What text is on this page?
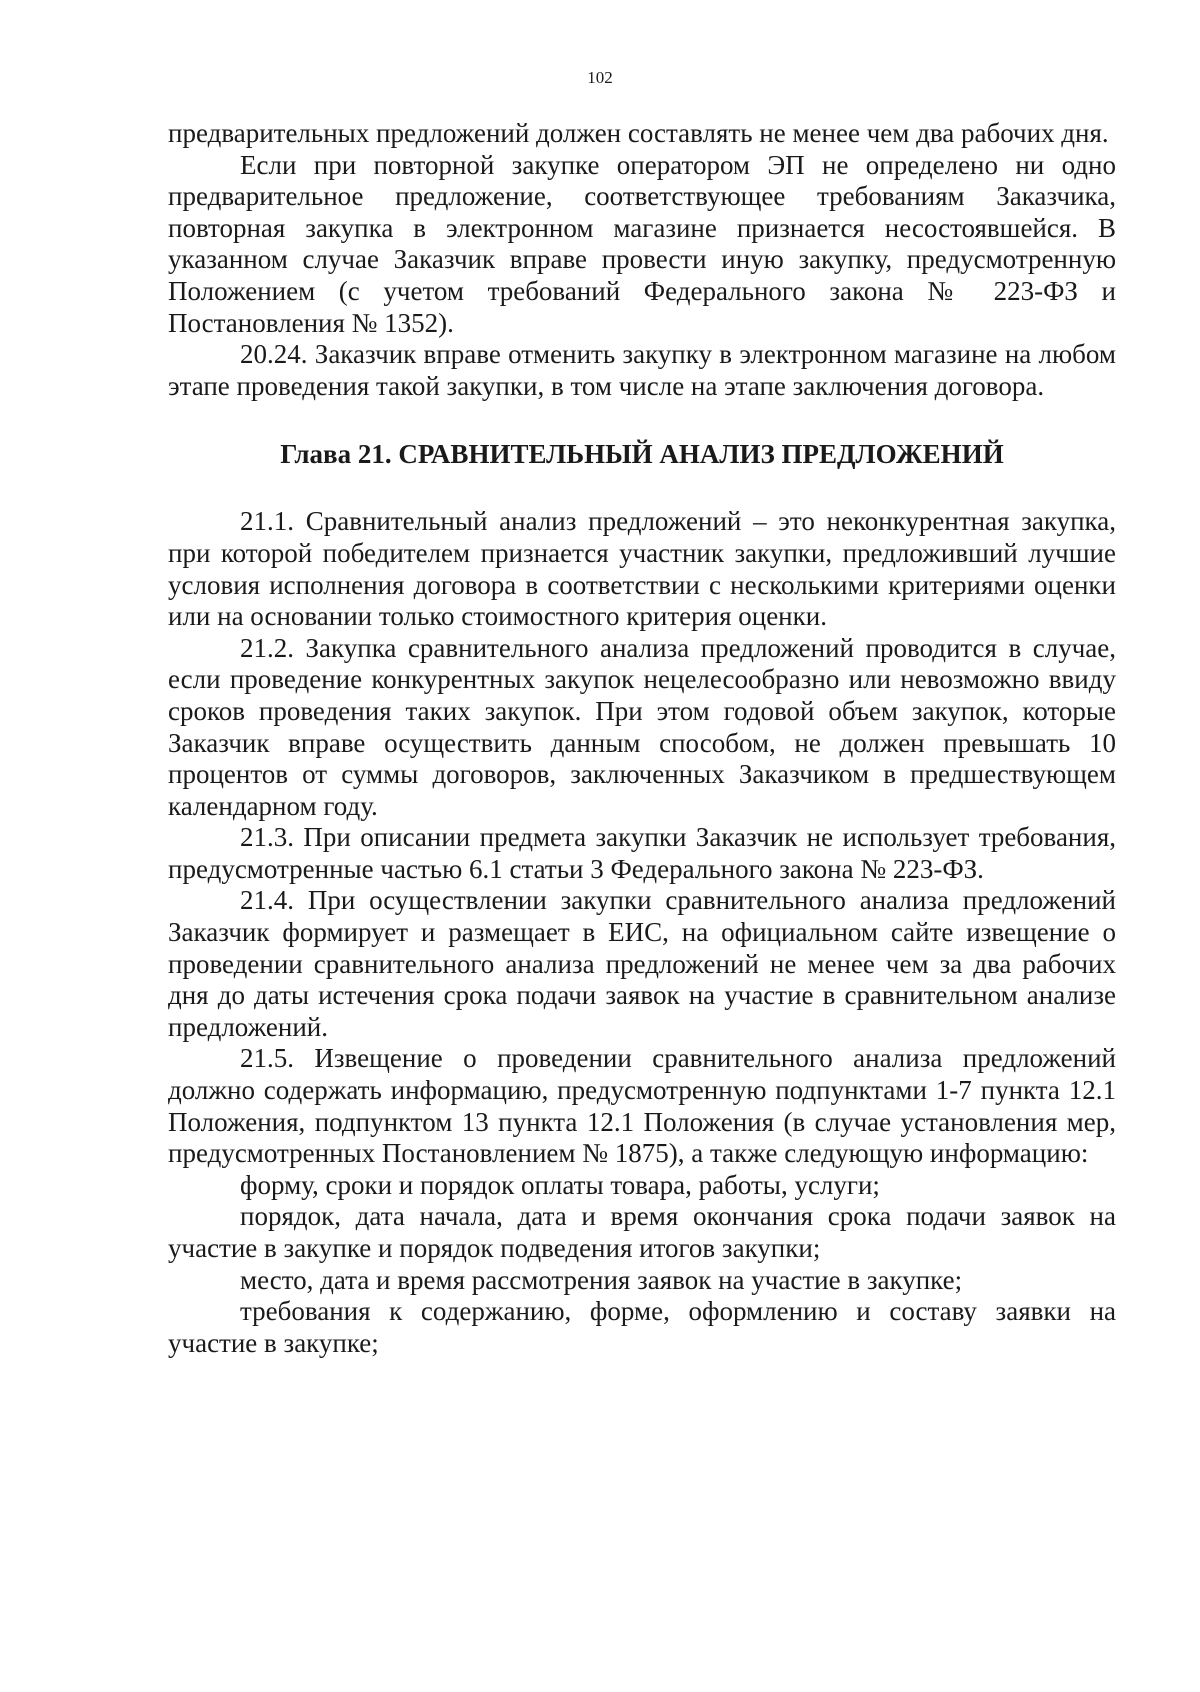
102

предварительных предложений должен составлять не менее чем два рабочих дня.

Если при повторной закупке оператором ЭП не определено ни одно предварительное предложение, соответствующее требованиям Заказчика, повторная закупка в электронном магазине признается несостоявшейся. В указанном случае Заказчик вправе провести иную закупку, предусмотренную Положением (с учетом требований Федерального закона № 223-ФЗ и Постановления № 1352).

20.24. Заказчик вправе отменить закупку в электронном магазине на любом этапе проведения такой закупки, в том числе на этапе заключения договора.

Глава 21. СРАВНИТЕЛЬНЫЙ АНАЛИЗ ПРЕДЛОЖЕНИЙ

21.1. Сравнительный анализ предложений – это неконкурентная закупка, при которой победителем признается участник закупки, предложивший лучшие условия исполнения договора в соответствии с несколькими критериями оценки или на основании только стоимостного критерия оценки.

21.2. Закупка сравнительного анализа предложений проводится в случае, если проведение конкурентных закупок нецелесообразно или невозможно ввиду сроков проведения таких закупок. При этом годовой объем закупок, которые Заказчик вправе осуществить данным способом, не должен превышать 10 процентов от суммы договоров, заключенных Заказчиком в предшествующем календарном году.

21.3. При описании предмета закупки Заказчик не использует требования, предусмотренные частью 6.1 статьи 3 Федерального закона № 223-ФЗ.

21.4. При осуществлении закупки сравнительного анализа предложений Заказчик формирует и размещает в ЕИС, на официальном сайте извещение о проведении сравнительного анализа предложений не менее чем за два рабочих дня до даты истечения срока подачи заявок на участие в сравнительном анализе предложений.

21.5. Извещение о проведении сравнительного анализа предложений должно содержать информацию, предусмотренную подпунктами 1-7 пункта 12.1 Положения, подпунктом 13 пункта 12.1 Положения (в случае установления мер, предусмотренных Постановлением № 1875), а также следующую информацию:

форму, сроки и порядок оплаты товара, работы, услуги;

порядок, дата начала, дата и время окончания срока подачи заявок на участие в закупке и порядок подведения итогов закупки;

место, дата и время рассмотрения заявок на участие в закупке;

требования к содержанию, форме, оформлению и составу заявки на участие в закупке;
